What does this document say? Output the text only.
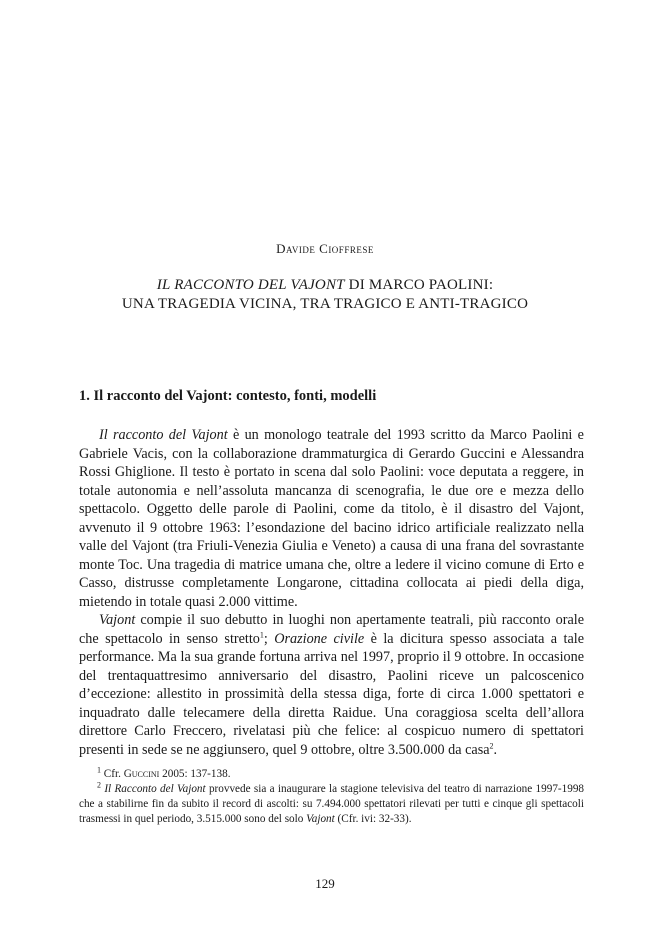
Davide Cioffrese
IL RACCONTO DEL VAJONT DI MARCO PAOLINI:
UNA TRAGEDIA VICINA, TRA TRAGICO E ANTI-TRAGICO
1. Il racconto del Vajont: contesto, fonti, modelli

Il racconto del Vajont è un monologo teatrale del 1993 scritto da Marco Paolini e Gabriele Vacis, con la collaborazione drammaturgica di Gerardo Guccini e Alessandra Rossi Ghiglione. Il testo è portato in scena dal solo Paolini: voce deputata a reggere, in totale autonomia e nell’assoluta mancanza di scenografia, le due ore e mezza dello spettacolo. Oggetto delle parole di Paolini, come da titolo, è il disastro del Vajont, avvenuto il 9 ottobre 1963: l’esondazione del bacino idrico artificiale realizzato nella valle del Vajont (tra Friuli-Venezia Giulia e Veneto) a causa di una frana del sovrastante monte Toc. Una tragedia di matrice umana che, oltre a ledere il vicino comune di Erto e Casso, distrusse completamente Longarone, cittadina collocata ai piedi della diga, mietendo in totale quasi 2.000 vittime.

Vajont compie il suo debutto in luoghi non apertamente teatrali, più racconto orale che spettacolo in senso stretto$^1$; Orazione civile è la dicitura spesso associata a tale performance. Ma la sua grande fortuna arriva nel 1997, proprio il 9 ottobre. In occasione del trentaquattresimo anniversario del disastro, Paolini riceve un palcoscenico d’eccezione: allestito in prossimità della stessa diga, forte di circa 1.000 spettatori e inquadrato dalle telecamere della diretta Raidue. Una coraggiosa scelta dell’allora direttore Carlo Freccero, rivelatasi più che felice: al cospicuo numero di spettatori presenti in sede se ne aggiunsero, quel 9 ottobre, oltre 3.500.000 da casa$^2$.

$^1$ Cfr. Guccini 2005: 137-138.

$^2$ Il Racconto del Vajont provvede sia a inaugurare la stagione televisiva del teatro di narrazione 1997-1998 che a stabilirne fin da subito il record di ascolti: su 7.494.000 spettatori rilevati per tutti e cinque gli spettacoli trasmessi in quel periodo, 3.515.000 sono del solo Vajont (Cfr. ivi: 32-33).

129
